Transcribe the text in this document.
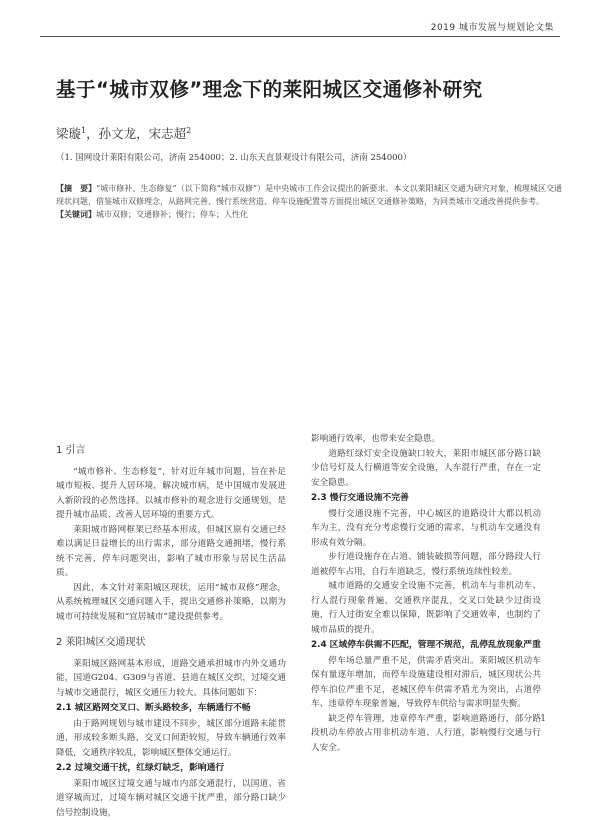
2019 城市发展与规划论文集
基于“城市双修”理念下的莱阳城区交通修补研究
梁璇$^1$，孙文龙，宋志超$^2$
（1. 国网设计莱阳有限公司，济南 254000；2. 山东天直景观设计有限公司，济南 254000）
【摘　要】“城市修补、生态修复”（以下简称“城市双修”）是中央城市工作会议提出的新要求。本文以莱阳城区交通为研究对象，梳理城区交通现状问题，借鉴城市双修理念，从路网完善、慢行系统营造、停车设施配置等方面提出城区交通修补策略，为同类城市交通改善提供参考。
【关键词】城市双修；交通修补；慢行；停车；人性化
1 引言

“城市修补、生态修复”，针对近年城市问题，旨在补足城市短板、提升人居环境，解决城市病，是中国城市发展进入新阶段的必然选择。以城市修补的观念进行交通规划，是提升城市品质、改善人居环境的重要方式。

莱阳城市路网框架已经基本形成，但城区原有交通已经难以满足日益增长的出行需求，部分道路交通拥堵，慢行系统不完善，停车问题突出，影响了城市形象与居民生活品质。

因此，本文针对莱阳城区现状，运用“城市双修”理念，从系统梳理城区交通问题入手，提出交通修补策略，以期为城市可持续发展和“宜居城市”建设提供参考。

2 莱阳城区交通现状

莱阳城区路网基本形成，道路交通承担城市内外交通功能，国道G204、G309与省道、县道在城区交织，过境交通与城市交通混行，城区交通压力较大。具体问题如下：

2.1 城区路网交叉口、断头路较多，车辆通行不畅

由于路网规划与城市建设不同步，城区部分道路未能贯通，形成较多断头路，交叉口间距较短，导致车辆通行效率降低，交通秩序较乱，影响城区整体交通运行。

2.2 过境交通干扰，红绿灯缺乏，影响通行

莱阳市城区过境交通与城市内部交通混行，以国道、省道穿城而过，过境车辆对城区交通干扰严重，部分路口缺少信号控制设施，

影响通行效率，也带来安全隐患。

道路红绿灯安全设施缺口较大，莱阳市城区部分路口缺少信号灯及人行横道等安全设施，人车混行严重，存在一定安全隐患。

2.3 慢行交通设施不完善

慢行交通设施不完善，中心城区的道路设计大都以机动车为主，没有充分考虑慢行交通的需求，与机动车交通没有形成有效分隔。

步行道设施存在占道、铺装破损等问题，部分路段人行道被停车占用，自行车道缺乏，慢行系统连续性较差。

城市道路的交通安全设施不完善，机动车与非机动车、行人混行现象普遍，交通秩序混乱，交叉口处缺少过街设施，行人过街安全难以保障，既影响了交通效率，也制约了城市品质的提升。

2.4 区域停车供需不匹配，管理不规范，乱停乱放现象严重

停车场总量严重不足，供需矛盾突出。莱阳城区机动车保有量逐年增加，而停车设施建设相对滞后，城区现状公共停车泊位严重不足，老城区停车供需矛盾尤为突出，占道停车、违章停车现象普遍，导致停车供给与需求明显失衡。

缺乏停车管理，违章停车严重，影响道路通行，部分路段机动车停放占用非机动车道、人行道，影响慢行交通与行人安全。

1
